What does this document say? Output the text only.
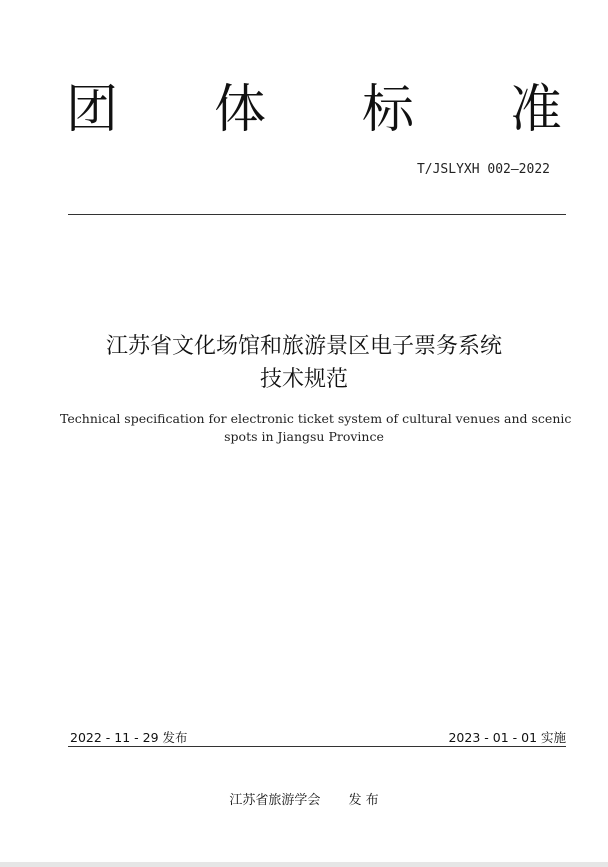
团 体 标 准
T/JSLYXH 002—2022
江苏省文化场馆和旅游景区电子票务系统
技术规范
Technical specification for electronic ticket system of cultural venues and scenic
spots in Jiangsu Province
2022 - 11 - 29 发布	2023 - 01 - 01 实施
江苏省旅游学会 发 布
